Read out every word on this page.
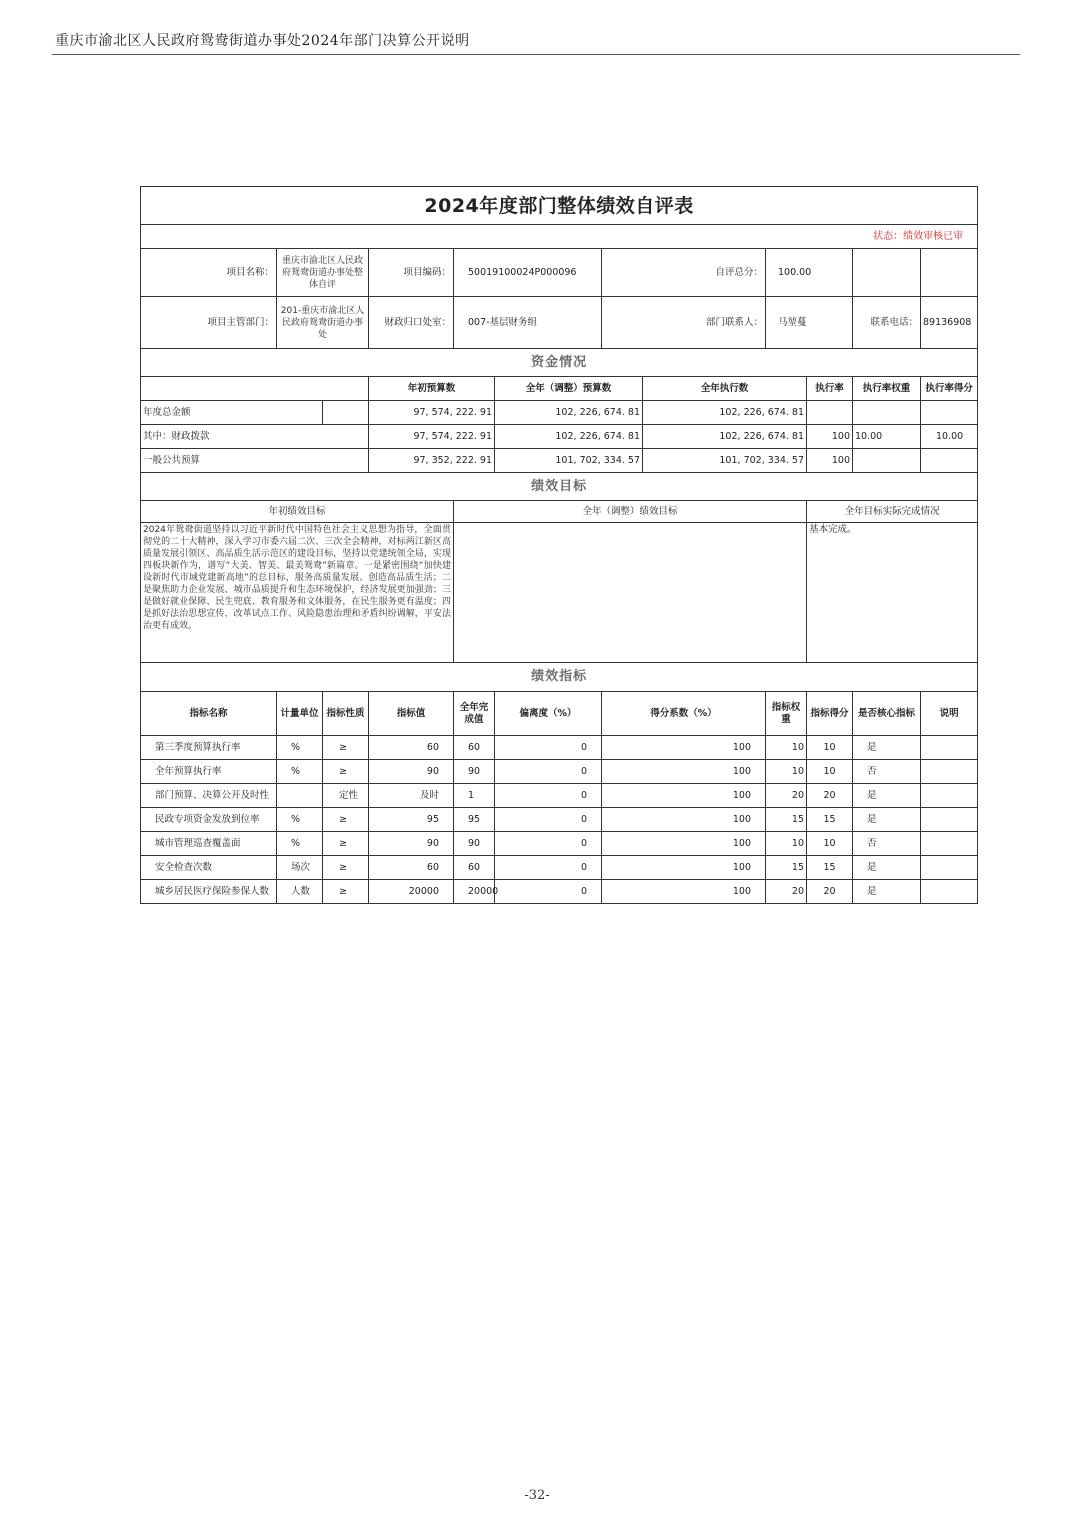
重庆市渝北区人民政府鸳鸯街道办事处2024年部门决算公开说明
2024年度部门整体绩效自评表											
状态：绩效审核已审											
项目名称：	重庆市渝北区人民政府鸳鸯街道办事处整体自评		项目编码：	50019100024P000096		自评总分：		100.00			
项目主管部门：	201-重庆市渝北区人民政府鸳鸯街道办事处		财政归口处室：	007-基层财务组		部门联系人：		马堃蔓		联系电话：	89136908
资金情况											
			年初预算数		全年（调整）预算数		全年执行数		执行率	执行率权重	执行率得分
年度总金额			97, 574, 222. 91		102, 226, 674. 81		102, 226, 674. 81				
其中：财政拨款			97, 574, 222. 91		102, 226, 674. 81		102, 226, 674. 81		100	10.00	10.00
一般公共预算			97, 352, 222. 91		101, 702, 334. 57		101, 702, 334. 57		100		
绩效目标											
年初绩效目标				全年（调整）绩效目标					全年目标实际完成情况		
2024年鸳鸯街道坚持以习近平新时代中国特色社会主义思想为指导，全面贯彻党的二十大精神，深入学习市委六届二次、三次全会精神，对标两江新区高质量发展引领区、高品质生活示范区的建设目标，坚持以党建统领全局，实现四板块新作为，谱写“大美、智美、最美鸳鸯”新篇章。一是紧密围绕“加快建设新时代市域党建新高地”的总目标，服务高质量发展、创造高品质生活；二是聚焦助力企业发展、城市品质提升和生态环境保护，经济发展更加强劲；三是做好就业保障、民生兜底、教育服务和文体服务，在民生服务更有温度；四是抓好法治思想宣传、改革试点工作、风险隐患治理和矛盾纠纷调解，平安法治更有成效。									基本完成。		
绩效指标											
指标名称	计量单位	指标性质	指标值	全年完成值	偏离度（%）	得分系数（%）		指标权重	指标得分	是否核心指标	说明
第三季度预算执行率	%	≥	60	60	0	100		10	10	是	
全年预算执行率	%	≥	90	90	0	100		10	10	否	
部门预算、决算公开及时性		定性	及时	1	0	100		20	20	是	
民政专项资金发放到位率	%	≥	95	95	0	100		15	15	是	
城市管理巡查覆盖面	%	≥	90	90	0	100		10	10	否	
安全检查次数	场次	≥	60	60	0	100		15	15	是	
城乡居民医疗保险参保人数	人数	≥	20000	20000	0	100		20	20	是	
-32-
